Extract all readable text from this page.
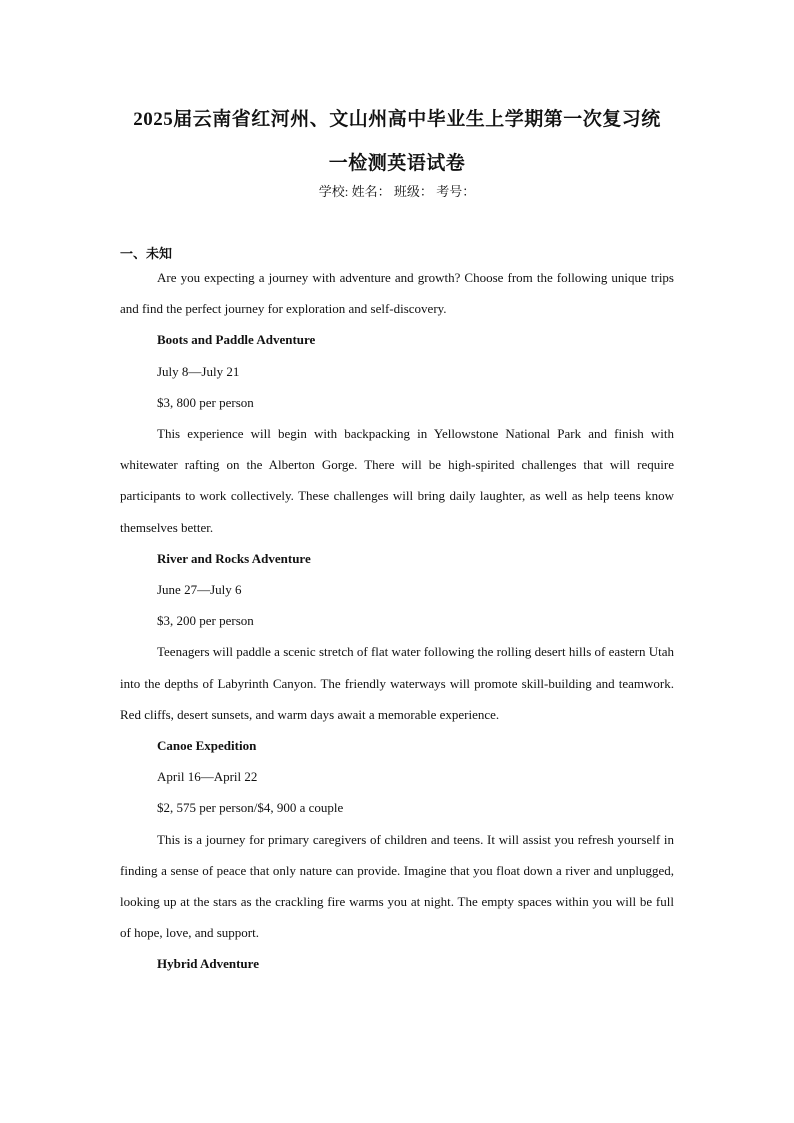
2025届云南省红河州、文山州高中毕业生上学期第一次复习统
一检测英语试卷
学校: 姓名： 班级： 考号：
一、未知

Are you expecting a journey with adventure and growth? Choose from the following unique trips and find the perfect journey for exploration and self-discovery.

Boots and Paddle Adventure

July 8—July 21

$3, 800 per person

This experience will begin with backpacking in Yellowstone National Park and finish with whitewater rafting on the Alberton Gorge. There will be high-spirited challenges that will require participants to work collectively. These challenges will bring daily laughter, as well as help teens know themselves better.

River and Rocks Adventure

June 27—July 6

$3, 200 per person

Teenagers will paddle a scenic stretch of flat water following the rolling desert hills of eastern Utah into the depths of Labyrinth Canyon. The friendly waterways will promote skill-building and teamwork. Red cliffs, desert sunsets, and warm days await a memorable experience.

Canoe Expedition

April 16—April 22

$2, 575 per person/$4, 900 a couple

This is a journey for primary caregivers of children and teens. It will assist you refresh yourself in finding a sense of peace that only nature can provide. Imagine that you float down a river and unplugged, looking up at the stars as the crackling fire warms you at night. The empty spaces within you will be full of hope, love, and support.

Hybrid Adventure
